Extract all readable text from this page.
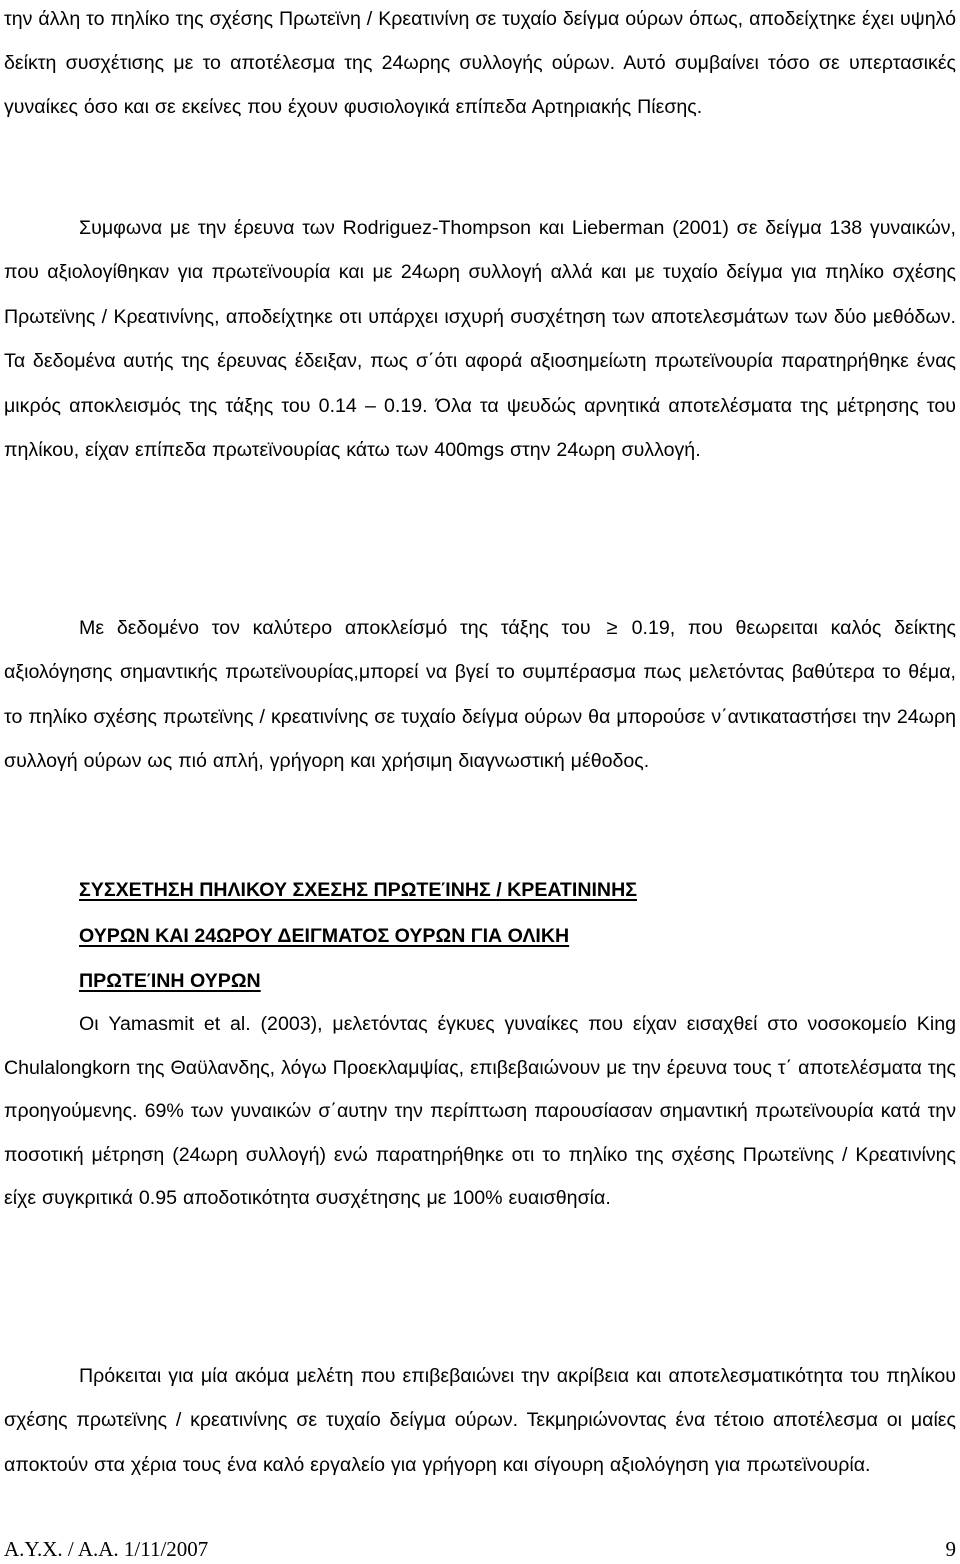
την άλλη το πηλίκο της σχέσης Πρωτεϊνη / Κρεατινίνη σε τυχαίο δείγμα ούρων όπως, αποδείχτηκε έχει υψηλό δείκτη συσχέτισης με το αποτέλεσμα της 24ωρης συλλογής ούρων. Αυτό συμβαίνει τόσο σε υπερτασικές γυναίκες όσο και σε εκείνες που έχουν φυσιολογικά επίπεδα Αρτηριακής Πίεσης.

Συμφωνα με την έρευνα των Rodriguez-Thompson και Lieberman (2001) σε δείγμα 138 γυναικών, που αξιολογίθηκαν για πρωτεϊνουρία και με 24ωρη συλλογή αλλά και με τυχαίο δείγμα για πηλίκο σχέσης Πρωτεϊνης / Κρεατινίνης, αποδείχτηκε οτι υπάρχει ισχυρή συσχέτηση των αποτελεσμάτων των δύο μεθόδων. Τα δεδομένα αυτής της έρευνας έδειξαν, πως σ΄ότι αφορά αξιοσημείωτη πρωτεϊνουρία παρατηρήθηκε ένας μικρός αποκλεισμός της τάξης του 0.14 – 0.19. Όλα τα ψευδώς αρνητικά αποτελέσματα της μέτρησης του πηλίκου, είχαν επίπεδα πρωτεϊνουρίας κάτω των 400mgs στην 24ωρη συλλογή.

Με δεδομένο τον καλύτερο αποκλείσμό της τάξης του ≥ 0.19, που θεωρειται καλός δείκτης αξιολόγησης σημαντικής πρωτεϊνουρίας,μπορεί να βγεί το συμπέρασμα πως μελετόντας βαθύτερα το θέμα, το πηλίκο σχέσης πρωτεϊνης / κρεατινίνης σε τυχαίο δείγμα ούρων θα μπορούσε ν΄αντικαταστήσει την 24ωρη συλλογή ούρων ως πιό απλή, γρήγορη και χρήσιμη διαγνωστική μέθοδος.

ΣΥΣΧΕΤΗΣΗ ΠΗΛΙΚΟΥ ΣΧΕΣΗΣ ΠΡΩΤΕΊΝΗΣ / ΚΡΕΑΤΙΝΙΝΗΣ
ΟΥΡΩΝ ΚΑΙ 24ΩΡΟΥ ΔΕΙΓΜΑΤΟΣ ΟΥΡΩΝ ΓΙΑ ΟΛΙΚΗ
ΠΡΩΤΕΊΝΗ ΟΥΡΩΝ

Οι Yamasmit et al. (2003), μελετόντας έγκυες γυναίκες που είχαν εισαχθεί στο νοσοκομείο King Chulalongkorn της Θαϋλανδης, λόγω Προεκλαμψίας, επιβεβαιώνουν με την έρευνα τους τ΄ αποτελέσματα της προηγούμενης. 69% των γυναικών σ΄αυτην την περίπτωση παρουσίασαν σημαντική πρωτεϊνουρία κατά την ποσοτική μέτρηση (24ωρη συλλογή) ενώ παρατηρήθηκε οτι το πηλίκο της σχέσης Πρωτεϊνης / Κρεατινίνης είχε συγκριτικά 0.95 αποδοτικότητα συσχέτησης με 100% ευαισθησία.

Πρόκειται για μία ακόμα μελέτη που επιβεβαιώνει την ακρίβεια και αποτελεσματικότητα του πηλίκου σχέσης πρωτεϊνης / κρεατινίνης σε τυχαίο δείγμα ούρων. Τεκμηριώνοντας ένα τέτοιο αποτέλεσμα οι μαίες αποκτούν στα χέρια τους ένα καλό εργαλείο για γρήγορη και σίγουρη αξιολόγηση για πρωτεϊνουρία.

Α.Υ.Χ. / Α.Α. 1/11/2007	9
